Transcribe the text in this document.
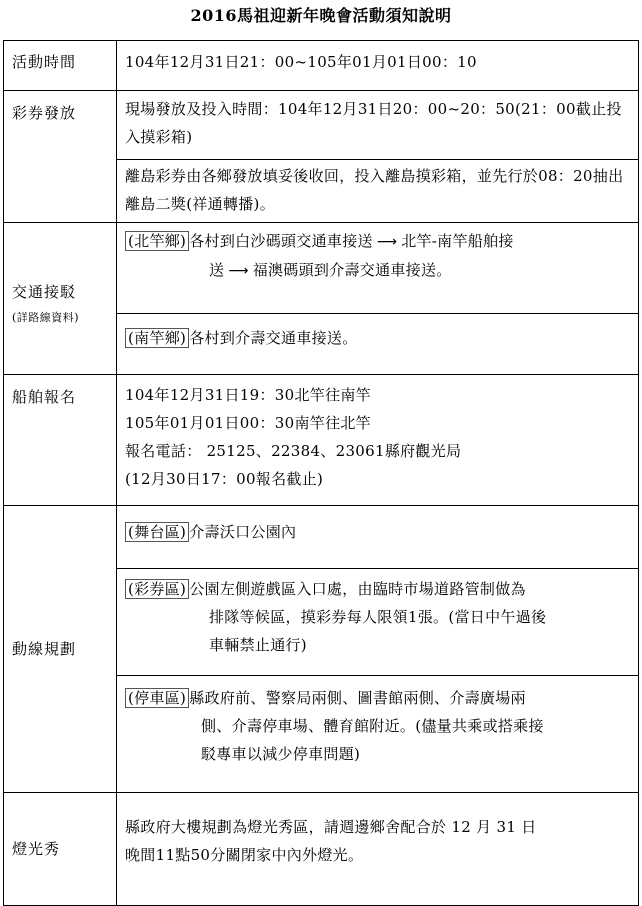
2016馬祖迎新年晚會活動須知說明
活動時間	104年12月31日21：00~105年01月01日00：10
彩券發放	現場發放及投入時間：104年12月31日20：00~20：50(21：00截止投入摸彩箱)
	離島彩券由各鄉發放填妥後收回，投入離島摸彩箱，並先行於08：20抽出離島二獎(祥通轉播)。

交通接駁
(詳路線資料)	(北竿鄉) 各村到白沙碼頭交通車接送 ⟶ 北竿-南竿船舶接
送 ⟶ 福澳碼頭到介壽交通車接送。

	(南竿鄉) 各村到介壽交通車接送。
船舶報名	104年12月31日19：30北竿往南竿
105年01月01日00：30南竿往北竿
報名電話： 25125、22384、23061縣府觀光局
(12月30日17：00報名截止)

動線規劃	(舞台區) 介壽沃口公園內

	(彩券區) 公園左側遊戲區入口處，由臨時市場道路管制做為
排隊等候區，摸彩券每人限領1張。(當日中午過後
車輛禁止通行)

	(停車區) 縣政府前、警察局兩側、圖書館兩側、介壽廣場兩
側、介壽停車場、體育館附近。(儘量共乘或搭乘接
駁專車以減少停車問題)

燈光秀	縣政府大樓規劃為燈光秀區，請週邊鄉舍配合於 12 月 31 日
晚間11點50分關閉家中內外燈光。
